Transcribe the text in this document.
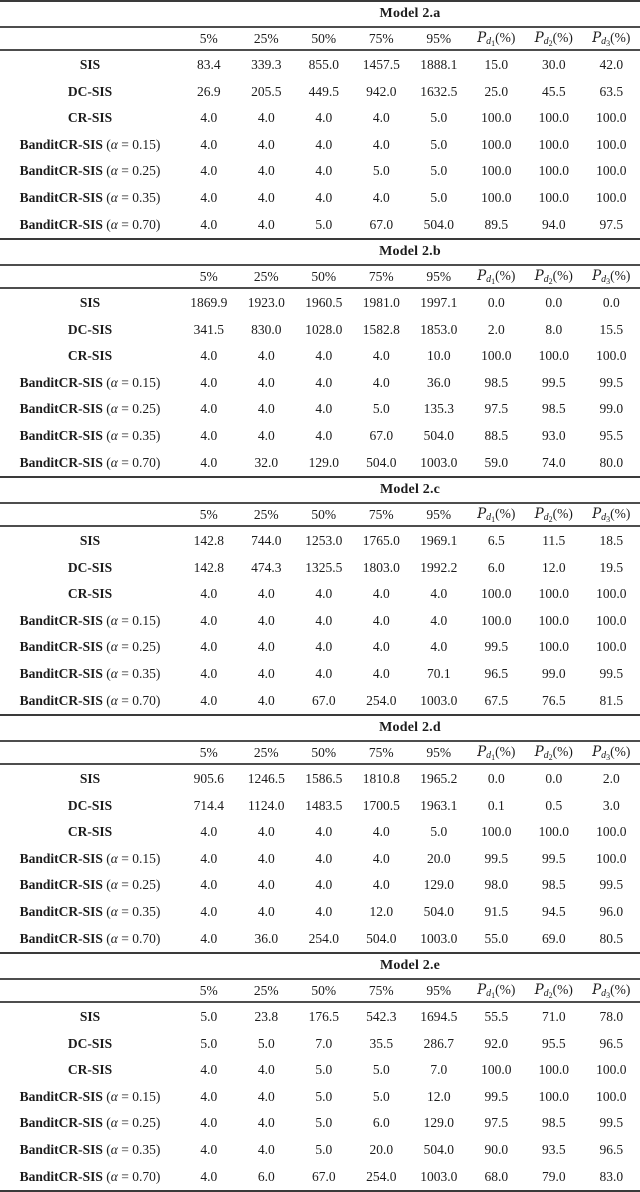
Model 2.a
	5%	25%	50%	75%	95%	$Pd_1(\%)$	$Pd_2(\%)$	$Pd_3(\%)$
SIS	83.4	339.3	855.0	1457.5	1888.1	15.0	30.0	42.0
DC-SIS	26.9	205.5	449.5	942.0	1632.5	25.0	45.5	63.5
CR-SIS	4.0	4.0	4.0	4.0	5.0	100.0	100.0	100.0
BanditCR-SIS (α = 0.15)	4.0	4.0	4.0	4.0	5.0	100.0	100.0	100.0
BanditCR-SIS (α = 0.25)	4.0	4.0	4.0	5.0	5.0	100.0	100.0	100.0
BanditCR-SIS (α = 0.35)	4.0	4.0	4.0	4.0	5.0	100.0	100.0	100.0
BanditCR-SIS (α = 0.70)	4.0	4.0	5.0	67.0	504.0	89.5	94.0	97.5
Model 2.b
	5%	25%	50%	75%	95%	$Pd_1(\%)$	$Pd_2(\%)$	$Pd_3(\%)$
SIS	1869.9	1923.0	1960.5	1981.0	1997.1	0.0	0.0	0.0
DC-SIS	341.5	830.0	1028.0	1582.8	1853.0	2.0	8.0	15.5
CR-SIS	4.0	4.0	4.0	4.0	10.0	100.0	100.0	100.0
BanditCR-SIS (α = 0.15)	4.0	4.0	4.0	4.0	36.0	98.5	99.5	99.5
BanditCR-SIS (α = 0.25)	4.0	4.0	4.0	5.0	135.3	97.5	98.5	99.0
BanditCR-SIS (α = 0.35)	4.0	4.0	4.0	67.0	504.0	88.5	93.0	95.5
BanditCR-SIS (α = 0.70)	4.0	32.0	129.0	504.0	1003.0	59.0	74.0	80.0
Model 2.c
	5%	25%	50%	75%	95%	$Pd_1(\%)$	$Pd_2(\%)$	$Pd_3(\%)$
SIS	142.8	744.0	1253.0	1765.0	1969.1	6.5	11.5	18.5
DC-SIS	142.8	474.3	1325.5	1803.0	1992.2	6.0	12.0	19.5
CR-SIS	4.0	4.0	4.0	4.0	4.0	100.0	100.0	100.0
BanditCR-SIS (α = 0.15)	4.0	4.0	4.0	4.0	4.0	100.0	100.0	100.0
BanditCR-SIS (α = 0.25)	4.0	4.0	4.0	4.0	4.0	99.5	100.0	100.0
BanditCR-SIS (α = 0.35)	4.0	4.0	4.0	4.0	70.1	96.5	99.0	99.5
BanditCR-SIS (α = 0.70)	4.0	4.0	67.0	254.0	1003.0	67.5	76.5	81.5
Model 2.d
	5%	25%	50%	75%	95%	$Pd_1(\%)$	$Pd_2(\%)$	$Pd_3(\%)$
SIS	905.6	1246.5	1586.5	1810.8	1965.2	0.0	0.0	2.0
DC-SIS	714.4	1124.0	1483.5	1700.5	1963.1	0.1	0.5	3.0
CR-SIS	4.0	4.0	4.0	4.0	5.0	100.0	100.0	100.0
BanditCR-SIS (α = 0.15)	4.0	4.0	4.0	4.0	20.0	99.5	99.5	100.0
BanditCR-SIS (α = 0.25)	4.0	4.0	4.0	4.0	129.0	98.0	98.5	99.5
BanditCR-SIS (α = 0.35)	4.0	4.0	4.0	12.0	504.0	91.5	94.5	96.0
BanditCR-SIS (α = 0.70)	4.0	36.0	254.0	504.0	1003.0	55.0	69.0	80.5
Model 2.e
	5%	25%	50%	75%	95%	$Pd_1(\%)$	$Pd_2(\%)$	$Pd_3(\%)$
SIS	5.0	23.8	176.5	542.3	1694.5	55.5	71.0	78.0
DC-SIS	5.0	5.0	7.0	35.5	286.7	92.0	95.5	96.5
CR-SIS	4.0	4.0	5.0	5.0	7.0	100.0	100.0	100.0
BanditCR-SIS (α = 0.15)	4.0	4.0	5.0	5.0	12.0	99.5	100.0	100.0
BanditCR-SIS (α = 0.25)	4.0	4.0	5.0	6.0	129.0	97.5	98.5	99.5
BanditCR-SIS (α = 0.35)	4.0	4.0	5.0	20.0	504.0	90.0	93.5	96.5
BanditCR-SIS (α = 0.70)	4.0	6.0	67.0	254.0	1003.0	68.0	79.0	83.0
